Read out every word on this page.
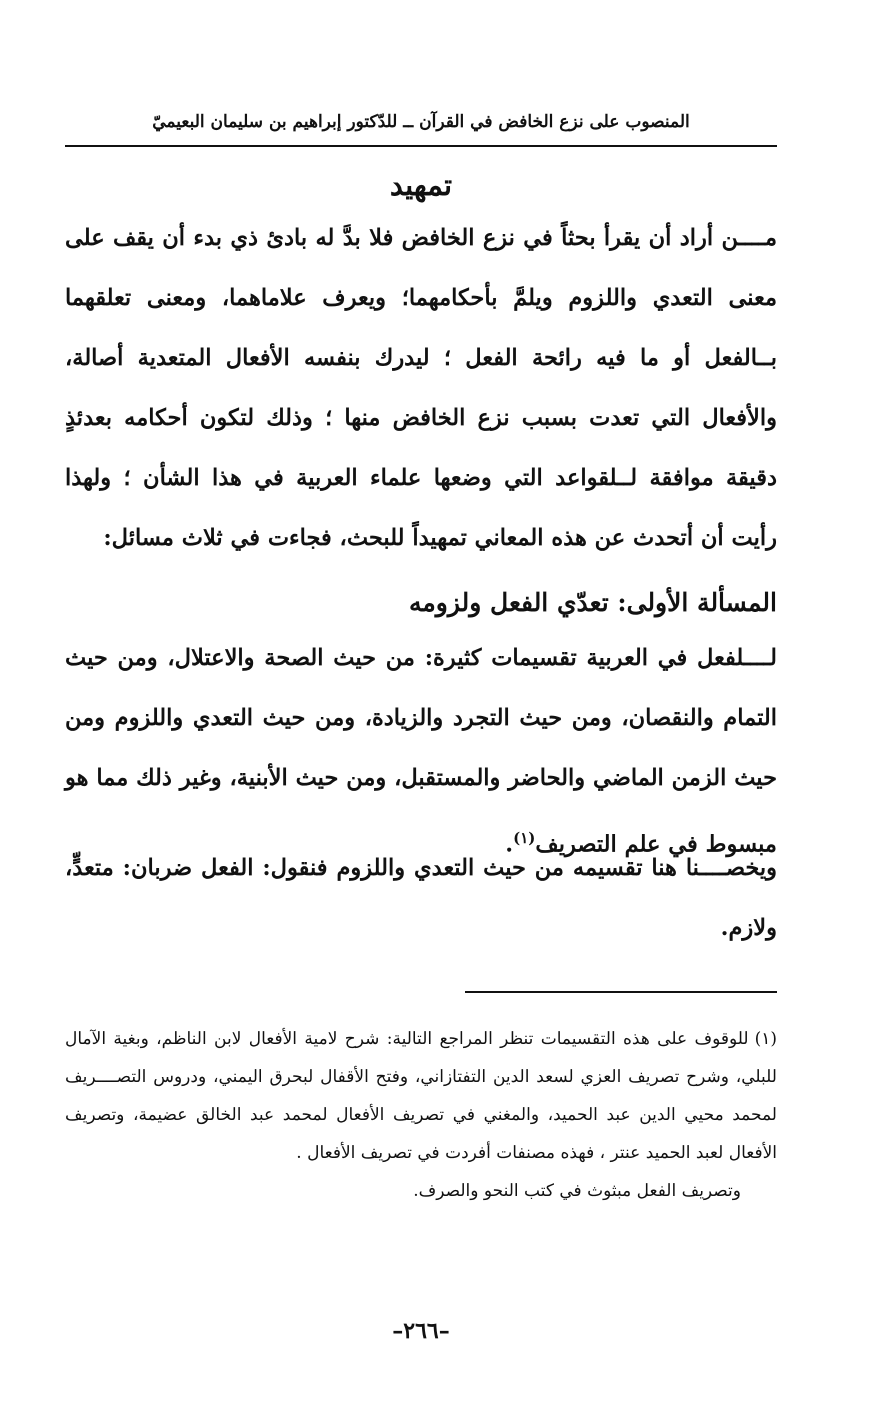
المنصوب على نزع الخافض في القرآن ــ للدّكتور إبراهيم بن سليمان البعيميّ
تمهيد

مــــن أراد أن يقرأ بحثاً في نزع الخافض فلا بدَّ له بادئ ذي بدء أن يقف على معنى التعدي واللزوم ويلمَّ بأحكامهما؛ ويعرف علاماهما، ومعنى تعلقهما بــالفعل أو ما فيه رائحة الفعل ؛ ليدرك بنفسه الأفعال المتعدية أصالة، والأفعال التي تعدت بسبب نزع الخافض منها ؛ وذلك لتكون أحكامه بعدئذٍ دقيقة موافقة لــلقواعد التي وضعها علماء العربية في هذا الشأن ؛ ولهذا رأيت أن أتحدث عن هذه المعاني تمهيداً للبحث، فجاءت في ثلاث مسائل:

المسألة الأولى: تعدّي الفعل ولزومه

لــــلفعل في العربية تقسيمات كثيرة: من حيث الصحة والاعتلال، ومن حيث التمام والنقصان، ومن حيث التجرد والزيادة، ومن حيث التعدي واللزوم ومن حيث الزمن الماضي والحاضر والمستقبل، ومن حيث الأبنية، وغير ذلك مما هو مبسوط في علم التصريف$^{(١)}$.

ويخصــــنا هنا تقسيمه من حيث التعدي واللزوم فنقول: الفعل ضربان: متعدٍّ، ولازم.

(١)للوقوف على هذه التقسيمات تنظر المراجع التالية: شرح لامية الأفعال لابن الناظم، وبغية الآمال للبلي، وشرح تصريف العزي لسعد الدين التفتازاني، وفتح الأقفال لبحرق اليمني، ودروس التصــــريف لمحمد محيي الدين عبد الحميد، والمغني في تصريف الأفعال لمحمد عبد الخالق عضيمة، وتصريف الأفعال لعبد الحميد عنتر ، فهذه مصنفات أفردت في تصريف الأفعال .

وتصريف الفعل مبثوث في كتب النحو والصرف.

–٢٦٦–
